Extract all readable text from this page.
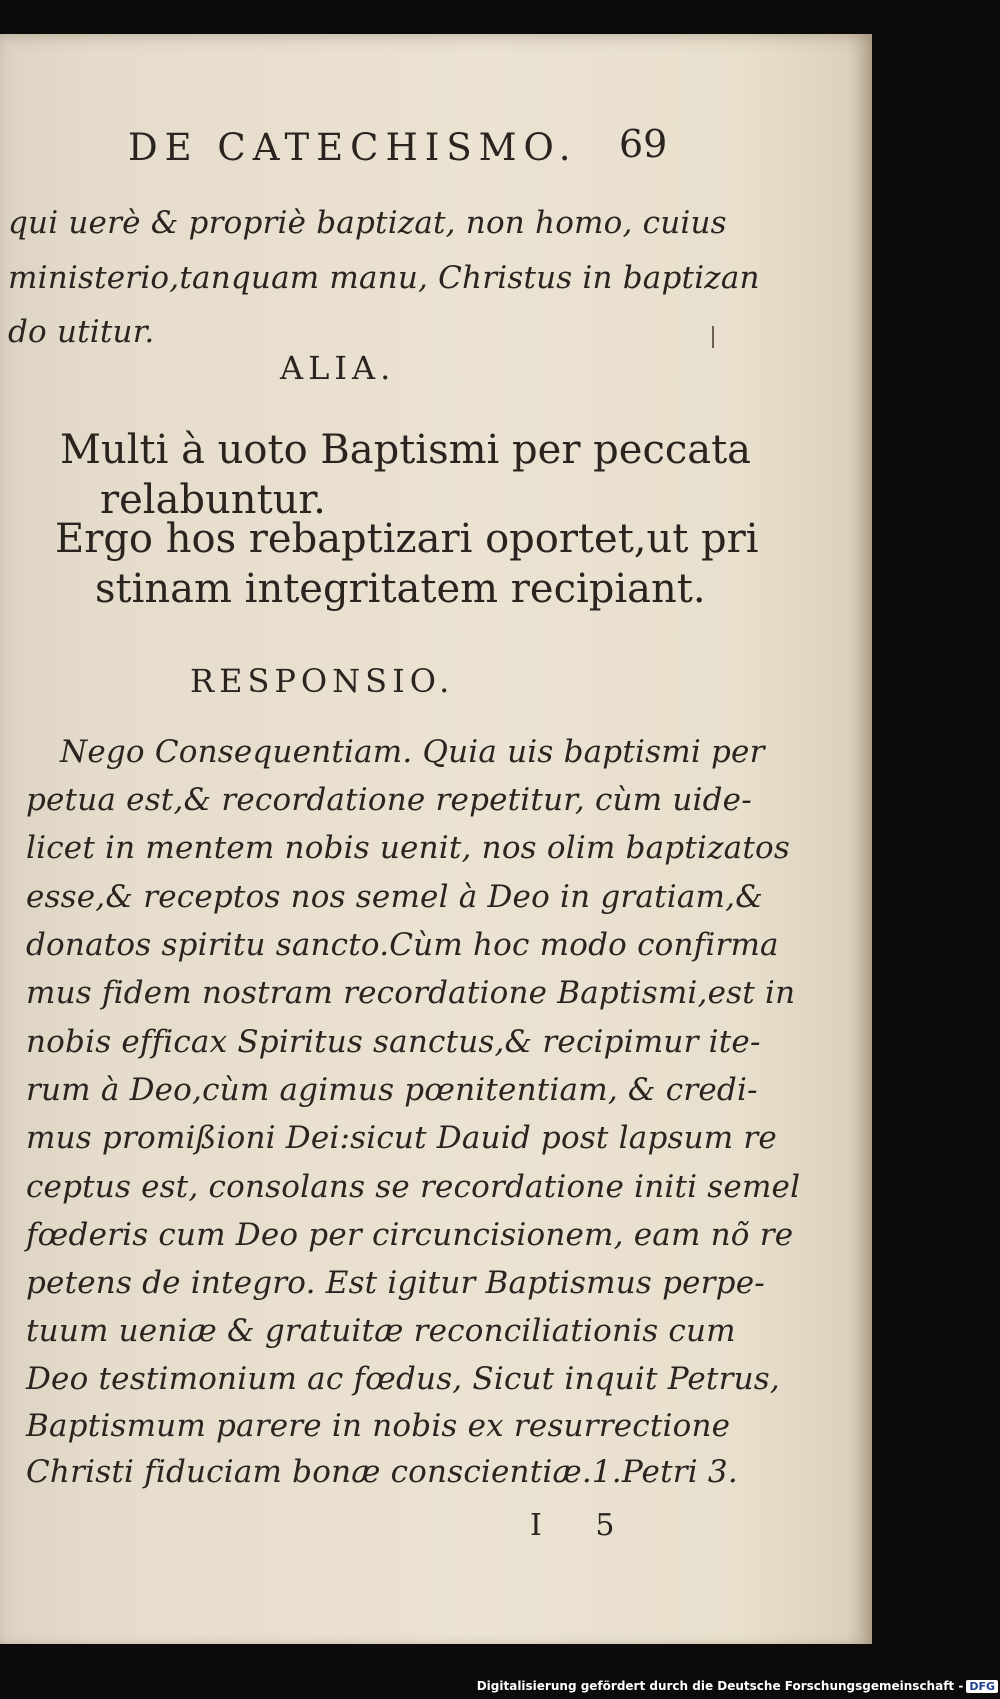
DE CATECHISMO. 69
qui uerè & propriè baptizat, non homo, cuius
ministerio,tanquam manu, Christus in baptizan
do utitur.
ALIA.
Multi à uoto Baptismi per peccata
relabuntur.
Ergo hos rebaptizari oportet,ut pri
stinam integritatem recipiant.
RESPONSIO.
Nego Consequentiam. Quia uis baptismi per
petua est,& recordatione repetitur, cùm uide-
licet in mentem nobis uenit, nos olim baptizatos
esse,& receptos nos semel à Deo in gratiam,&
donatos spiritu sancto.Cùm hoc modo confirma
mus fidem nostram recordatione Baptismi,est in
nobis efficax Spiritus sanctus,& recipimur ite-
rum à Deo,cùm agimus pœnitentiam, & credi-
mus promißioni Dei:sicut Dauid post lapsum re
ceptus est, consolans se recordatione initi semel
fœderis cum Deo per circuncisionem, eam nõ re
petens de integro. Est igitur Baptismus perpe-
tuum ueniæ & gratuitæ reconciliationis cum
Deo testimonium ac fœdus, Sicut inquit Petrus,
Baptismum parere in nobis ex resurrectione
Christi fiduciam bonæ conscientiæ.1.Petri 3.
I 5
Digitalisierung gefördert durch die Deutsche Forschungsgemeinschaft - DFG
